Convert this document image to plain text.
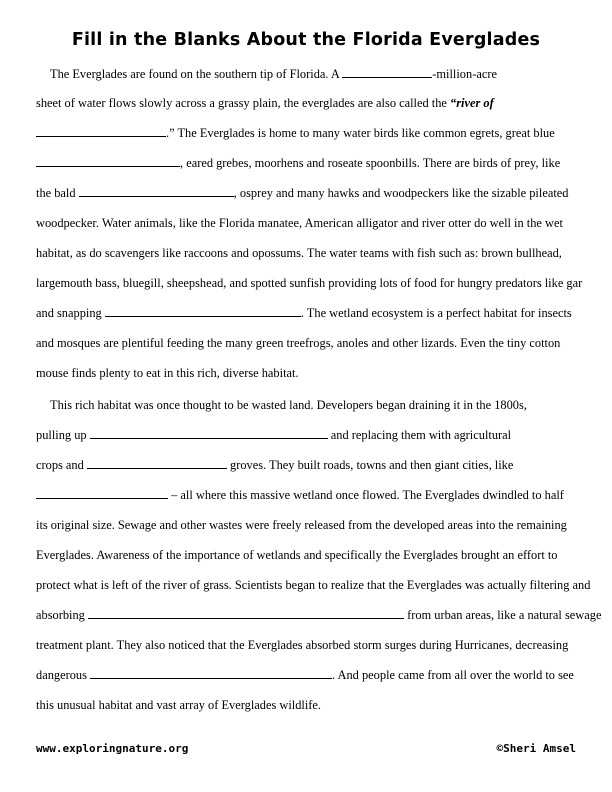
Fill in the Blanks About the Florida Everglades
The Everglades are found on the southern tip of Florida. A	-million-acre
sheet of water flows slowly across a grassy plain, the everglades are also called the “river of
.” The Everglades is home to many water birds like common egrets, great blue
, eared grebes, moorhens and roseate spoonbills. There are birds of prey, like
the bald	, osprey and many hawks and woodpeckers like the sizable pileated
woodpecker. Water animals, like the Florida manatee, American alligator and river otter do well in the wet
habitat, as do scavengers like raccoons and opossums. The water teams with fish such as: brown bullhead,
largemouth bass, bluegill, sheepshead, and spotted sunfish providing lots of food for hungry predators like gar
and snapping	. The wetland ecosystem is a perfect habitat for insects
and mosques are plentiful feeding the many green treefrogs, anoles and other lizards. Even the tiny cotton
mouse finds plenty to eat in this rich, diverse habitat.
This rich habitat was once thought to be wasted land. Developers began draining it in the 1800s,
pulling up	and replacing them with agricultural
crops and	groves. They built roads, towns and then giant cities, like
– all where this massive wetland once flowed. The Everglades dwindled to half
its original size. Sewage and other wastes were freely released from the developed areas into the remaining
Everglades. Awareness of the importance of wetlands and specifically the Everglades brought an effort to
protect what is left of the river of grass. Scientists began to realize that the Everglades was actually filtering and
absorbing	from urban areas, like a natural sewage
treatment plant. They also noticed that the Everglades absorbed storm surges during Hurricanes, decreasing
dangerous	. And people came from all over the world to see
this unusual habitat and vast array of Everglades wildlife.
www.exploringnature.org	©Sheri Amsel
